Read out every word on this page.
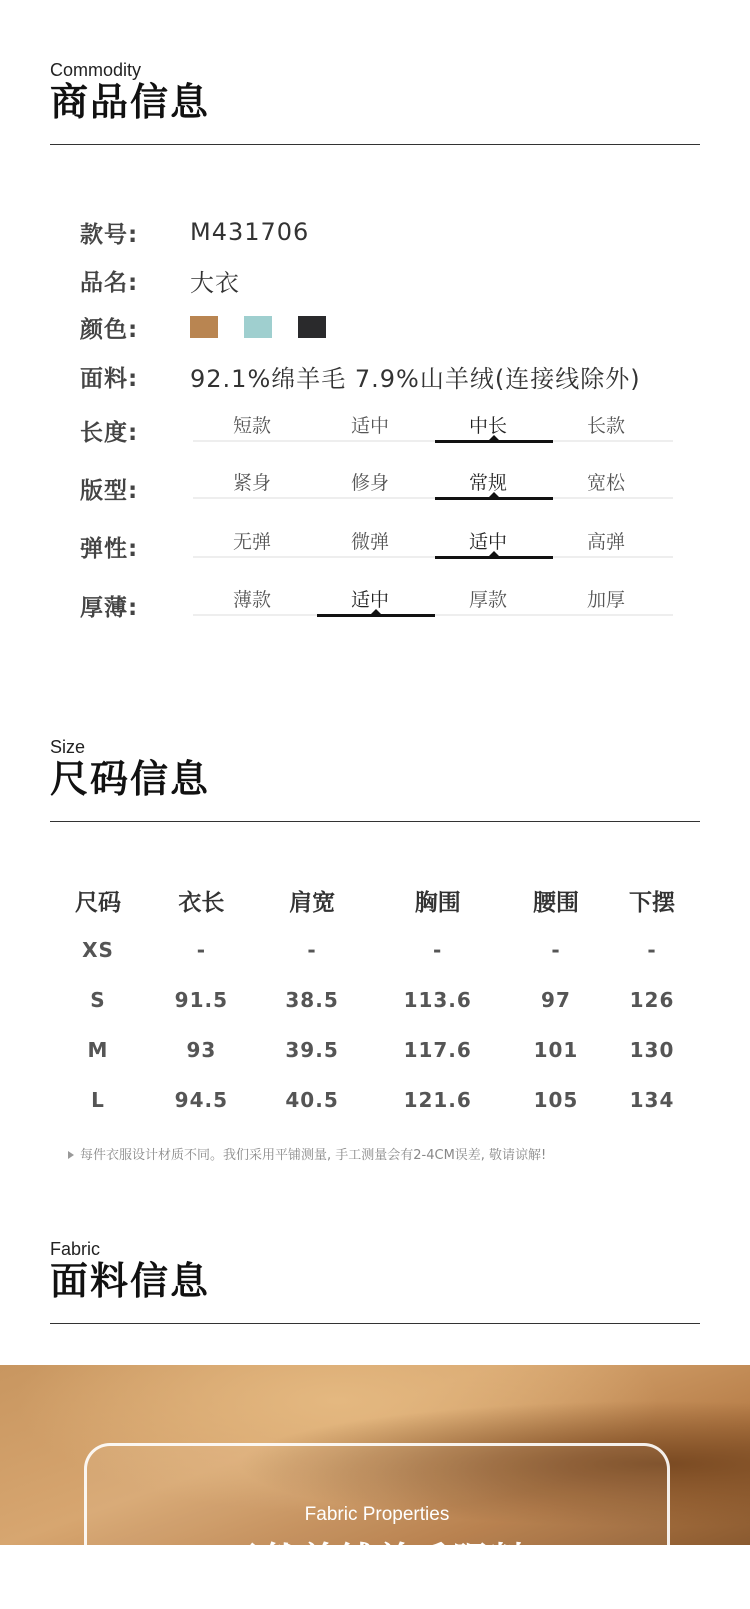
Commodity
商品信息
款号:	M431706
品名:	大衣
颜色:
面料:	92.1%绵羊毛 7.9%山羊绒(连接线除外)
长度:	短款	适中	中长	长款
版型:	紧身	修身	常规	宽松
弹性:	无弹	微弹	适中	高弹
厚薄:	薄款	适中	厚款	加厚
Size
尺码信息
尺码	衣长	肩宽	胸围	腰围	下摆
XS	-	-	-	-	-
S	91.5	38.5	113.6	97	126
M	93	39.5	117.6	101	130
L	94.5	40.5	121.6	105	134
每件衣服设计材质不同。我们采用平铺测量, 手工测量会有2-4CM误差, 敬请谅解!
Fabric
面料信息
Fabric Properties
天然羊绒羊毛呢料
